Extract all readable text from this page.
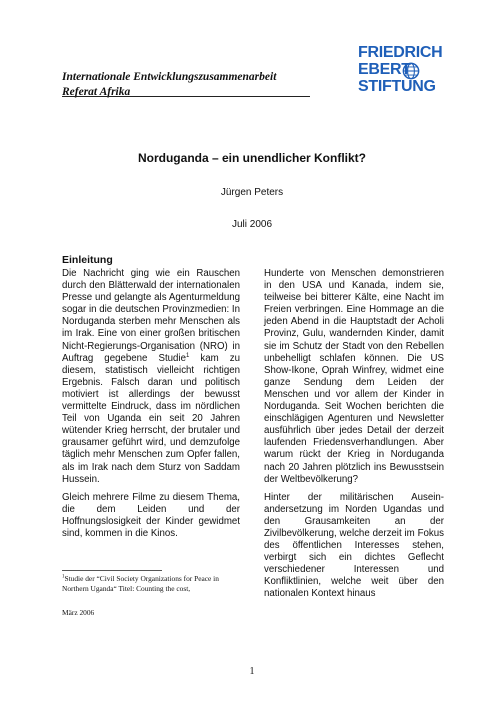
Internationale Entwicklungszusammenarbeit
Referat Afrika
FRIEDRICH
EBERT
STIFTUNG
Norduganda – ein unendlicher Konflikt?
Jürgen Peters
Juli 2006
Einleitung

Die Nachricht ging wie ein Rauschen durch den Blätterwald der internationalen Presse und gelangte als Agenturmeldung sogar in die deutschen Provinzmedien: In Norduganda sterben mehr Menschen als im Irak. Eine von einer großen britischen Nicht-Regierungs-Organisation (NRO) in Auftrag gegebene Studie$^1$ kam zu diesem, statistisch vielleicht richtigen Ergebnis. Falsch daran und politisch motiviert ist allerdings der bewusst vermittelte Eindruck, dass im nördlichen Teil von Uganda ein seit 20 Jahren wütender Krieg herrscht, der brutaler und grausamer geführt wird, und demzufolge täglich mehr Menschen zum Opfer fallen, als im Irak nach dem Sturz von Saddam Hussein.

Gleich mehrere Filme zu diesem Thema, die dem Leiden und der Hoffnungslosigkeit der Kinder gewidmet sind, kommen in die Kinos.

Hunderte von Menschen demonstrieren in den USA und Kanada, indem sie, teilweise bei bitterer Kälte, eine Nacht im Freien verbringen. Eine Hommage an die jeden Abend in die Hauptstadt der Acholi Provinz, Gulu, wandernden Kinder, damit sie im Schutz der Stadt von den Rebellen unbehelligt schlafen können. Die US Show-Ikone, Oprah Winfrey, widmet eine ganze Sendung dem Leiden der Menschen und vor allem der Kinder in Norduganda. Seit Wochen berichten die einschlägigen Agenturen und Newsletter ausführlich über jedes Detail der derzeit laufenden Friedensverhandlungen. Aber warum rückt der Krieg in Norduganda nach 20 Jahren plötzlich ins Bewusstsein der Weltbevölkerung?

Hinter der militärischen Auseinandersetzung im Norden Ugandas und den Grausamkeiten an der Zivilbevölkerung, welche derzeit im Fokus des öffentlichen Interesses stehen, verbirgt sich ein dichtes Geflecht verschiedener Interessen und Konfliktlinien, welche weit über den nationalen Kontext hinaus

$^1$Studie der “Civil Society Organizations for Peace in Northern Uganda“ Titel: Counting the cost,
März 2006
1
